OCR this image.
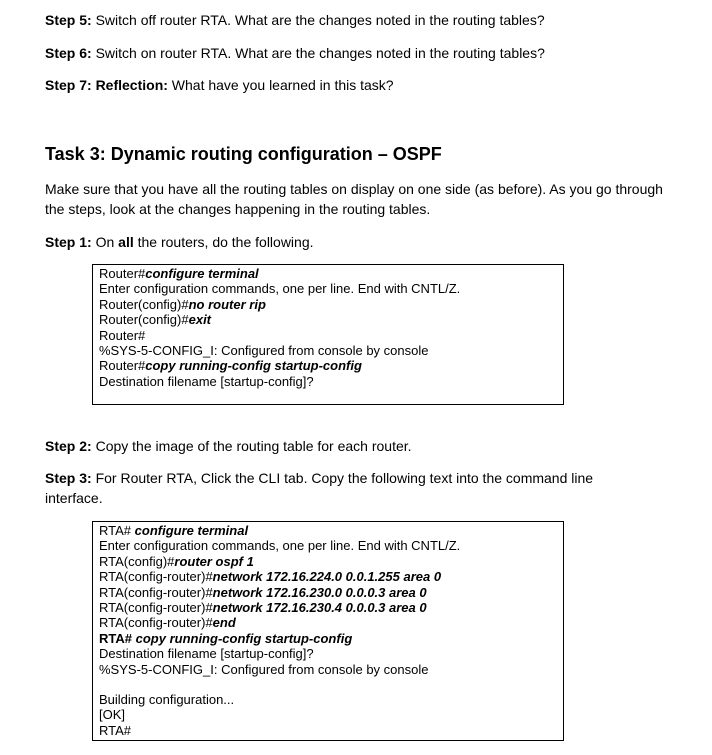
Step 5: Switch off router RTA. What are the changes noted in the routing tables?
Step 6: Switch on router RTA. What are the changes noted in the routing tables?
Step 7: Reflection: What have you learned in this task?
Task 3: Dynamic routing configuration – OSPF
Make sure that you have all the routing tables on display on one side (as before). As you go through the steps, look at the changes happening in the routing tables.
Step 1: On all the routers, do the following.
Router#configure terminal
Enter configuration commands, one per line. End with CNTL/Z.
Router(config)#no router rip
Router(config)#exit
Router#
%SYS-5-CONFIG_I: Configured from console by console
Router#copy running-config startup-config
Destination filename [startup-config]?
Step 2: Copy the image of the routing table for each router.
Step 3: For Router RTA, Click the CLI tab. Copy the following text into the command line interface.
RTA# configure terminal
Enter configuration commands, one per line. End with CNTL/Z.
RTA(config)#router ospf 1
RTA(config-router)#network 172.16.224.0 0.0.1.255 area 0
RTA(config-router)#network 172.16.230.0 0.0.0.3 area 0
RTA(config-router)#network 172.16.230.4 0.0.0.3 area 0
RTA(config-router)#end
RTA# copy running-config startup-config
Destination filename [startup-config]?
%SYS-5-CONFIG_I: Configured from console by console
Building configuration...
[OK]
RTA#
